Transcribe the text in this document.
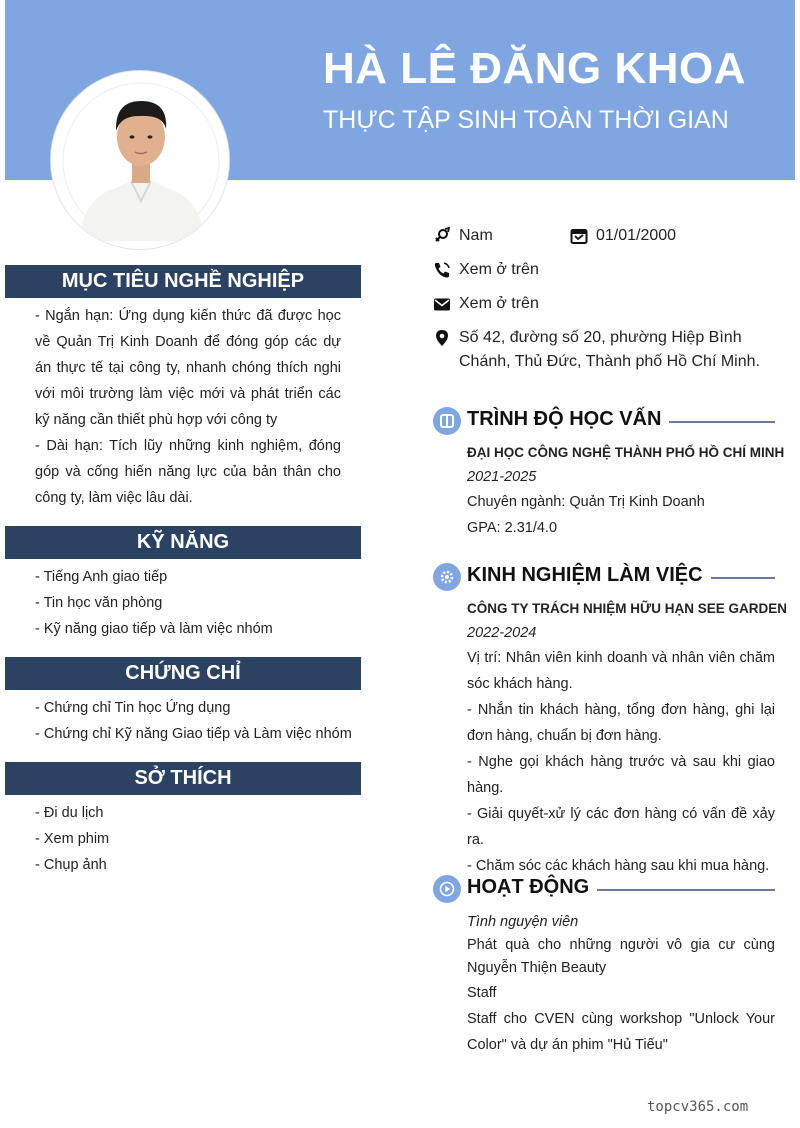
HÀ LÊ ĐĂNG KHOA
THỰC TẬP SINH TOÀN THỜI GIAN
MỤC TIÊU NGHỀ NGHIỆP

- Ngắn hạn: Ứng dụng kiến thức đã được học về Quản Trị Kinh Doanh để đóng góp các dự án thực tế tại công ty, nhanh chóng thích nghi với môi trường làm việc mới và phát triển các kỹ năng cần thiết phù hợp với công ty

- Dài hạn: Tích lũy những kinh nghiệm, đóng góp và cống hiến năng lực của bản thân cho công ty, làm việc lâu dài.

KỸ NĂNG
- Tiếng Anh giao tiếp
- Tin học văn phòng
- Kỹ năng giao tiếp và làm việc nhóm
CHỨNG CHỈ
- Chứng chỉ Tin học Ứng dụng
- Chứng chỉ Kỹ năng Giao tiếp và Làm việc nhóm
SỞ THÍCH
- Đi du lịch
- Xem phim
- Chụp ảnh
Nam	01/01/2000
Xem ở trên
Xem ở trên
Số 42, đường số 20, phường Hiệp Bình Chánh, Thủ Đức, Thành phố Hồ Chí Minh.
TRÌNH ĐỘ HỌC VẤN
ĐẠI HỌC CÔNG NGHỆ THÀNH PHỐ HỒ CHÍ MINH
2021-2025

Chuyên ngành: Quản Trị Kinh Doanh

GPA: 2.31/4.0

KINH NGHIỆM LÀM VIỆC
CÔNG TY TRÁCH NHIỆM HỮU HẠN SEE GARDEN
2022-2024

Vị trí: Nhân viên kinh doanh và nhân viên chăm sóc khách hàng.

- Nhắn tin khách hàng, tổng đơn hàng, ghi lại đơn hàng, chuẩn bị đơn hàng.

- Nghe gọi khách hàng trước và sau khi giao hàng.

- Giải quyết-xử lý các đơn hàng có vấn đề xảy ra.

- Chăm sóc các khách hàng sau khi mua hàng.

HOẠT ĐỘNG
Tình nguyện viên

Phát quà cho những người vô gia cư cùng Nguyễn Thiện Beauty

Staff

Staff cho CVEN cùng workshop "Unlock Your Color" và dự án phim "Hủ Tiếu"

topcv365.com
